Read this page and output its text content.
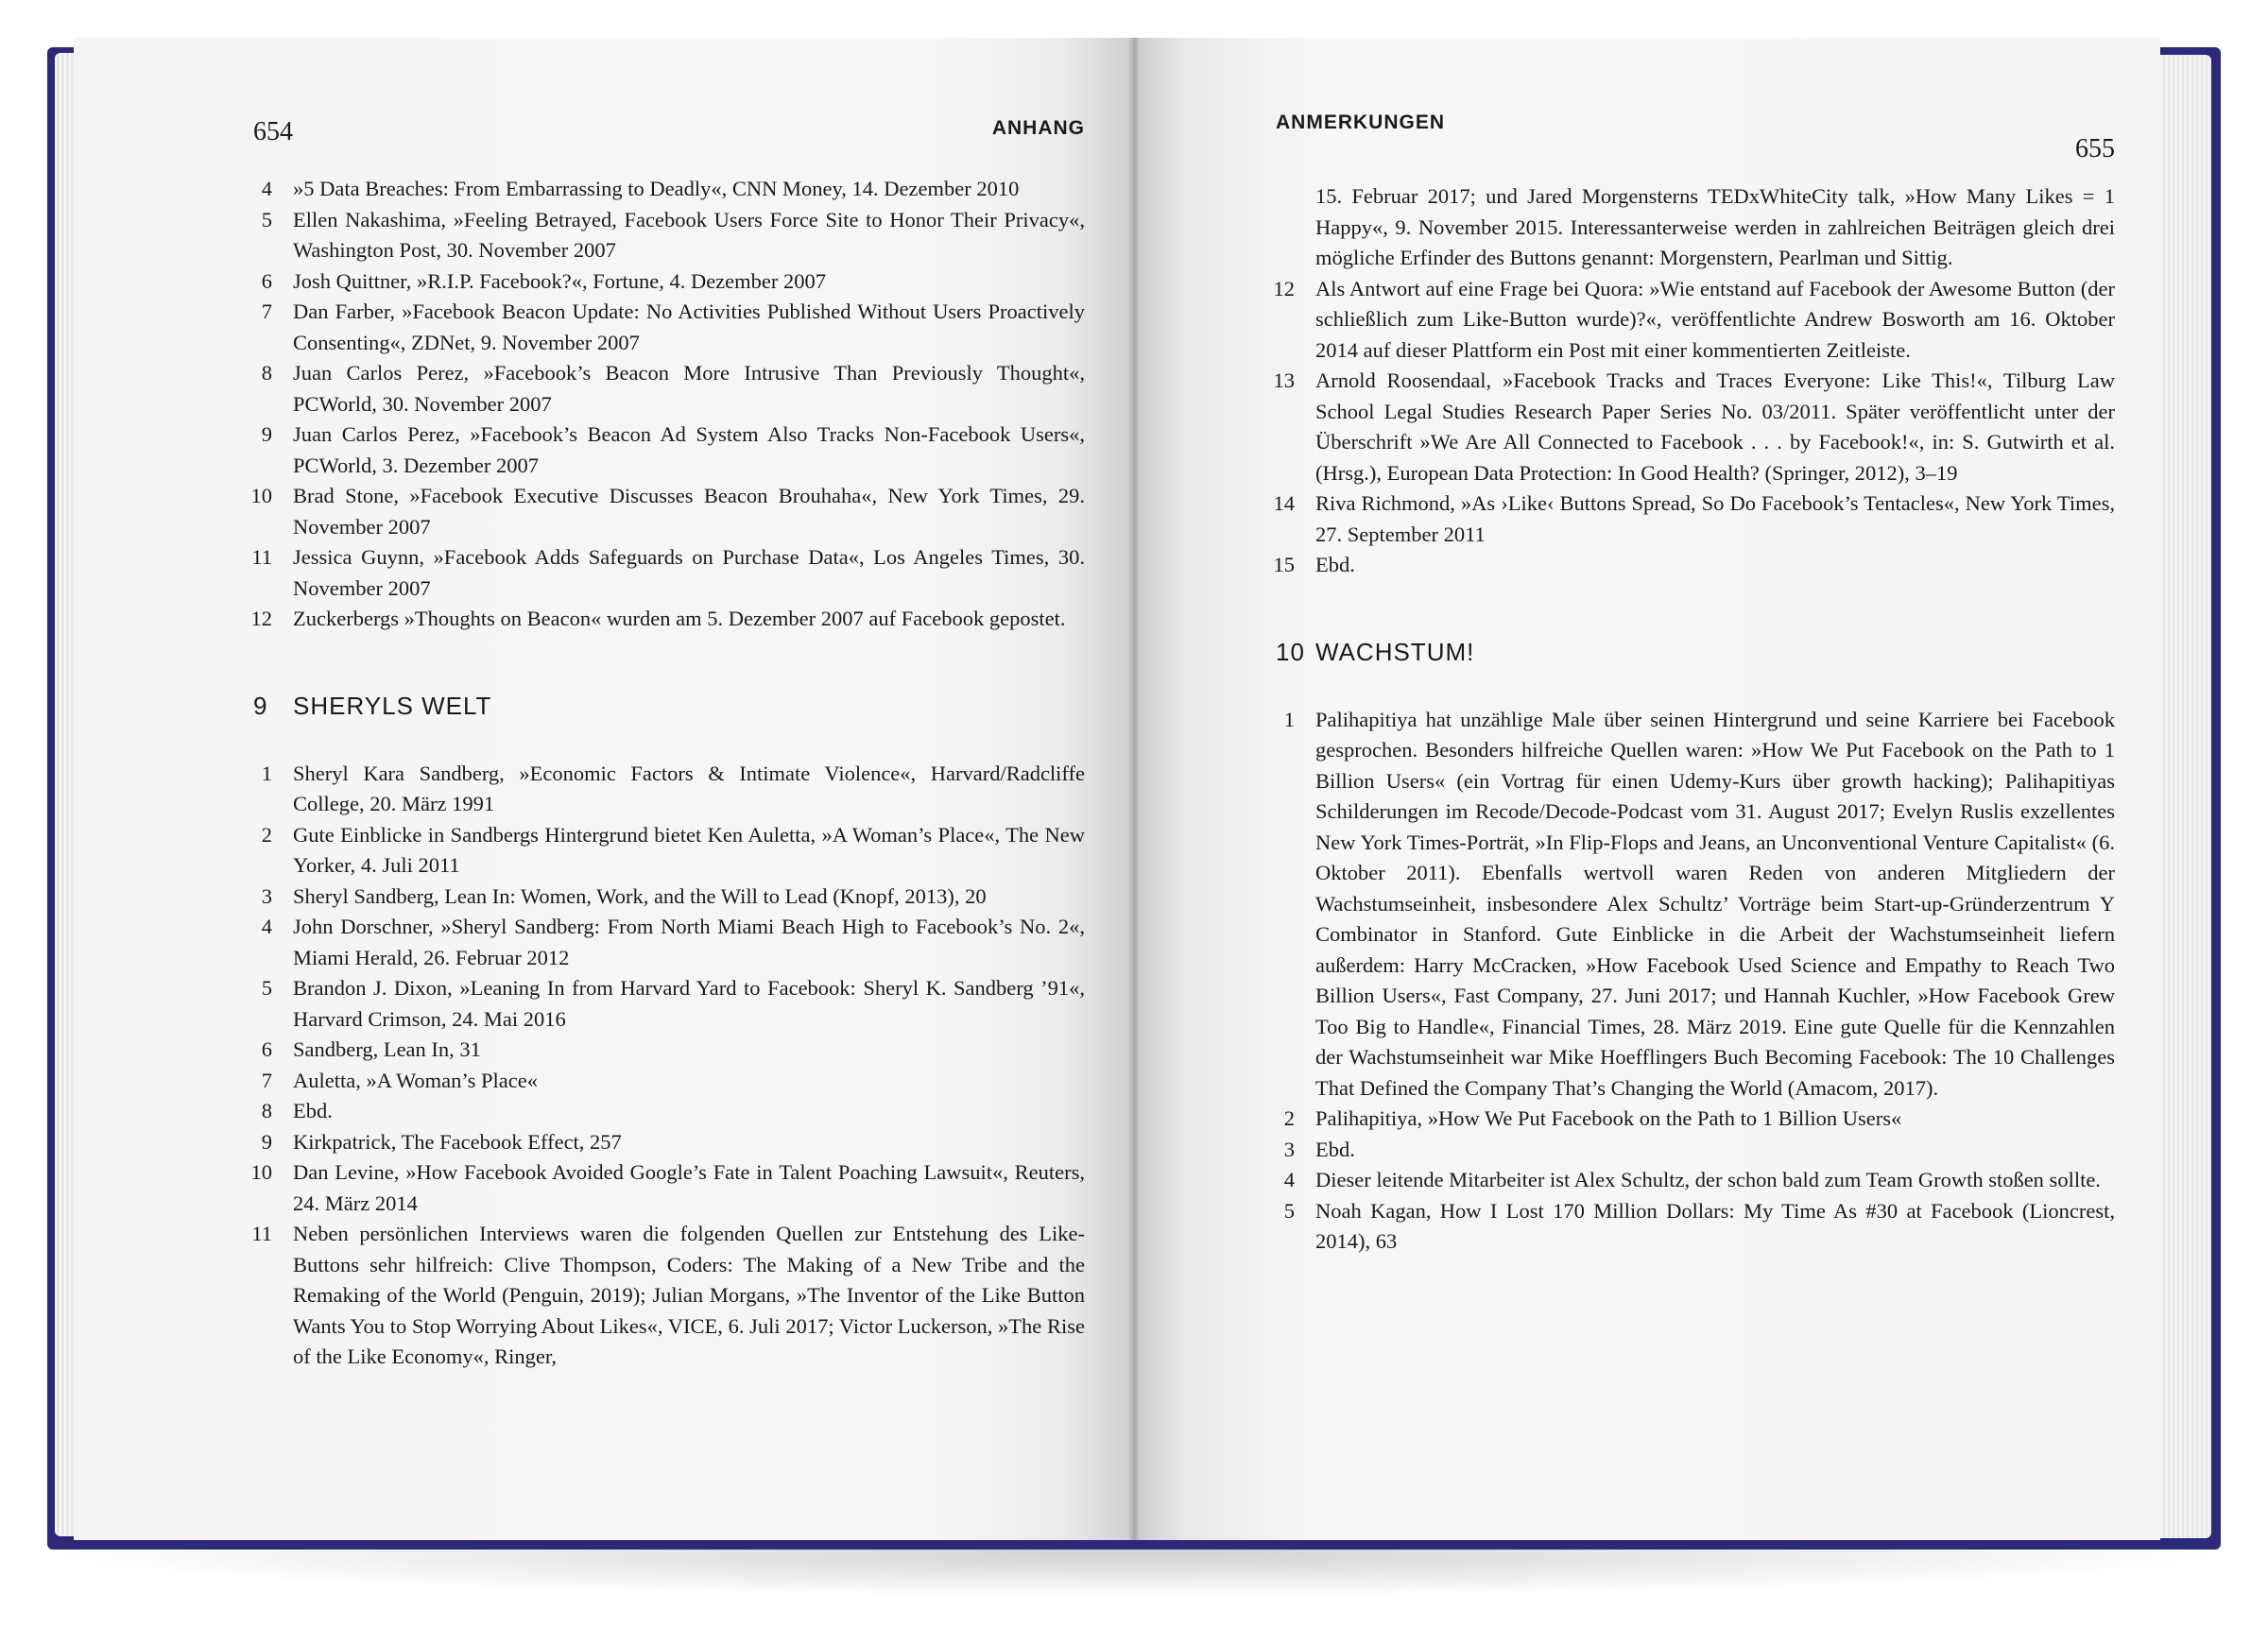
654	ANHANG
4 »5 Data Breaches: From Embarrassing to Deadly«, CNN Money, 14. Dezember 2010
5 Ellen Nakashima, »Feeling Betrayed, Facebook Users Force Site to Honor Their Privacy«, Washington Post, 30. November 2007
6 Josh Quittner, »R.I.P. Facebook?«, Fortune, 4. Dezember 2007
7 Dan Farber, »Facebook Beacon Update: No Activities Published Without Users Proactively Consenting«, ZDNet, 9. November 2007
8 Juan Carlos Perez, »Facebook’s Beacon More Intrusive Than Previously Thought«, PCWorld, 30. November 2007
9 Juan Carlos Perez, »Facebook’s Beacon Ad System Also Tracks Non-Facebook Users«, PCWorld, 3. Dezember 2007
10 Brad Stone, »Facebook Executive Discusses Beacon Brouhaha«, New York Times, 29. November 2007
11 Jessica Guynn, »Facebook Adds Safeguards on Purchase Data«, Los Angeles Times, 30. November 2007
12 Zuckerbergs »Thoughts on Beacon« wurden am 5. Dezember 2007 auf Facebook gepostet.
9 SHERYLS WELT
1 Sheryl Kara Sandberg, »Economic Factors & Intimate Violence«, Harvard/Radcliffe College, 20. März 1991
2 Gute Einblicke in Sandbergs Hintergrund bietet Ken Auletta, »A Woman’s Place«, The New Yorker, 4. Juli 2011
3 Sheryl Sandberg, Lean In: Women, Work, and the Will to Lead (Knopf, 2013), 20
4 John Dorschner, »Sheryl Sandberg: From North Miami Beach High to Facebook’s No. 2«, Miami Herald, 26. Februar 2012
5 Brandon J. Dixon, »Leaning In from Harvard Yard to Facebook: Sheryl K. Sandberg ’91«, Harvard Crimson, 24. Mai 2016
6 Sandberg, Lean In, 31
7 Auletta, »A Woman’s Place«
8 Ebd.
9 Kirkpatrick, The Facebook Effect, 257
10 Dan Levine, »How Facebook Avoided Google’s Fate in Talent Poaching Lawsuit«, Reuters, 24. März 2014
11 Neben persönlichen Interviews waren die folgenden Quellen zur Entstehung des Like-Buttons sehr hilfreich: Clive Thompson, Coders: The Making of a New Tribe and the Remaking of the World (Penguin, 2019); Julian Morgans, »The Inventor of the Like Button Wants You to Stop Worrying About Likes«, VICE, 6. Juli 2017; Victor Luckerson, »The Rise of the Like Economy«, Ringer,
ANMERKUNGEN
655
15. Februar 2017; und Jared Morgensterns TEDxWhiteCity talk, »How Many Likes = 1 Happy«, 9. November 2015. Interessanterweise werden in zahlreichen Beiträgen gleich drei mögliche Erfinder des Buttons genannt: Morgenstern, Pearlman und Sittig.
12 Als Antwort auf eine Frage bei Quora: »Wie entstand auf Facebook der Awesome Button (der schließlich zum Like-Button wurde)?«, veröffentlichte Andrew Bosworth am 16. Oktober 2014 auf dieser Plattform ein Post mit einer kommentierten Zeitleiste.
13 Arnold Roosendaal, »Facebook Tracks and Traces Everyone: Like This!«, Tilburg Law School Legal Studies Research Paper Series No. 03/2011. Später veröffentlicht unter der Überschrift »We Are All Connected to Facebook . . . by Facebook!«, in: S. Gutwirth et al. (Hrsg.), European Data Protection: In Good Health? (Springer, 2012), 3–19
14 Riva Richmond, »As ›Like‹ Buttons Spread, So Do Facebook’s Tentacles«, New York Times, 27. September 2011
15 Ebd.
10 WACHSTUM!
1 Palihapitiya hat unzählige Male über seinen Hintergrund und seine Karriere bei Facebook gesprochen. Besonders hilfreiche Quellen waren: »How We Put Facebook on the Path to 1 Billion Users« (ein Vortrag für einen Udemy-Kurs über growth hacking); Palihapitiyas Schilderungen im Recode/Decode-Podcast vom 31. August 2017; Evelyn Ruslis exzellentes New York Times-Porträt, »In Flip-Flops and Jeans, an Unconventional Venture Capitalist« (6. Oktober 2011). Ebenfalls wertvoll waren Reden von anderen Mitgliedern der Wachstumseinheit, insbesondere Alex Schultz’ Vorträge beim Start-up-Gründerzentrum Y Combinator in Stanford. Gute Einblicke in die Arbeit der Wachstumseinheit liefern außerdem: Harry McCracken, »How Facebook Used Science and Empathy to Reach Two Billion Users«, Fast Company, 27. Juni 2017; und Hannah Kuchler, »How Facebook Grew Too Big to Handle«, Financial Times, 28. März 2019. Eine gute Quelle für die Kennzahlen der Wachstumseinheit war Mike Hoefflingers Buch Becoming Facebook: The 10 Challenges That Defined the Company That’s Changing the World (Amacom, 2017).
2 Palihapitiya, »How We Put Facebook on the Path to 1 Billion Users«
3 Ebd.
4 Dieser leitende Mitarbeiter ist Alex Schultz, der schon bald zum Team Growth stoßen sollte.
5 Noah Kagan, How I Lost 170 Million Dollars: My Time As #30 at Facebook (Lioncrest, 2014), 63
